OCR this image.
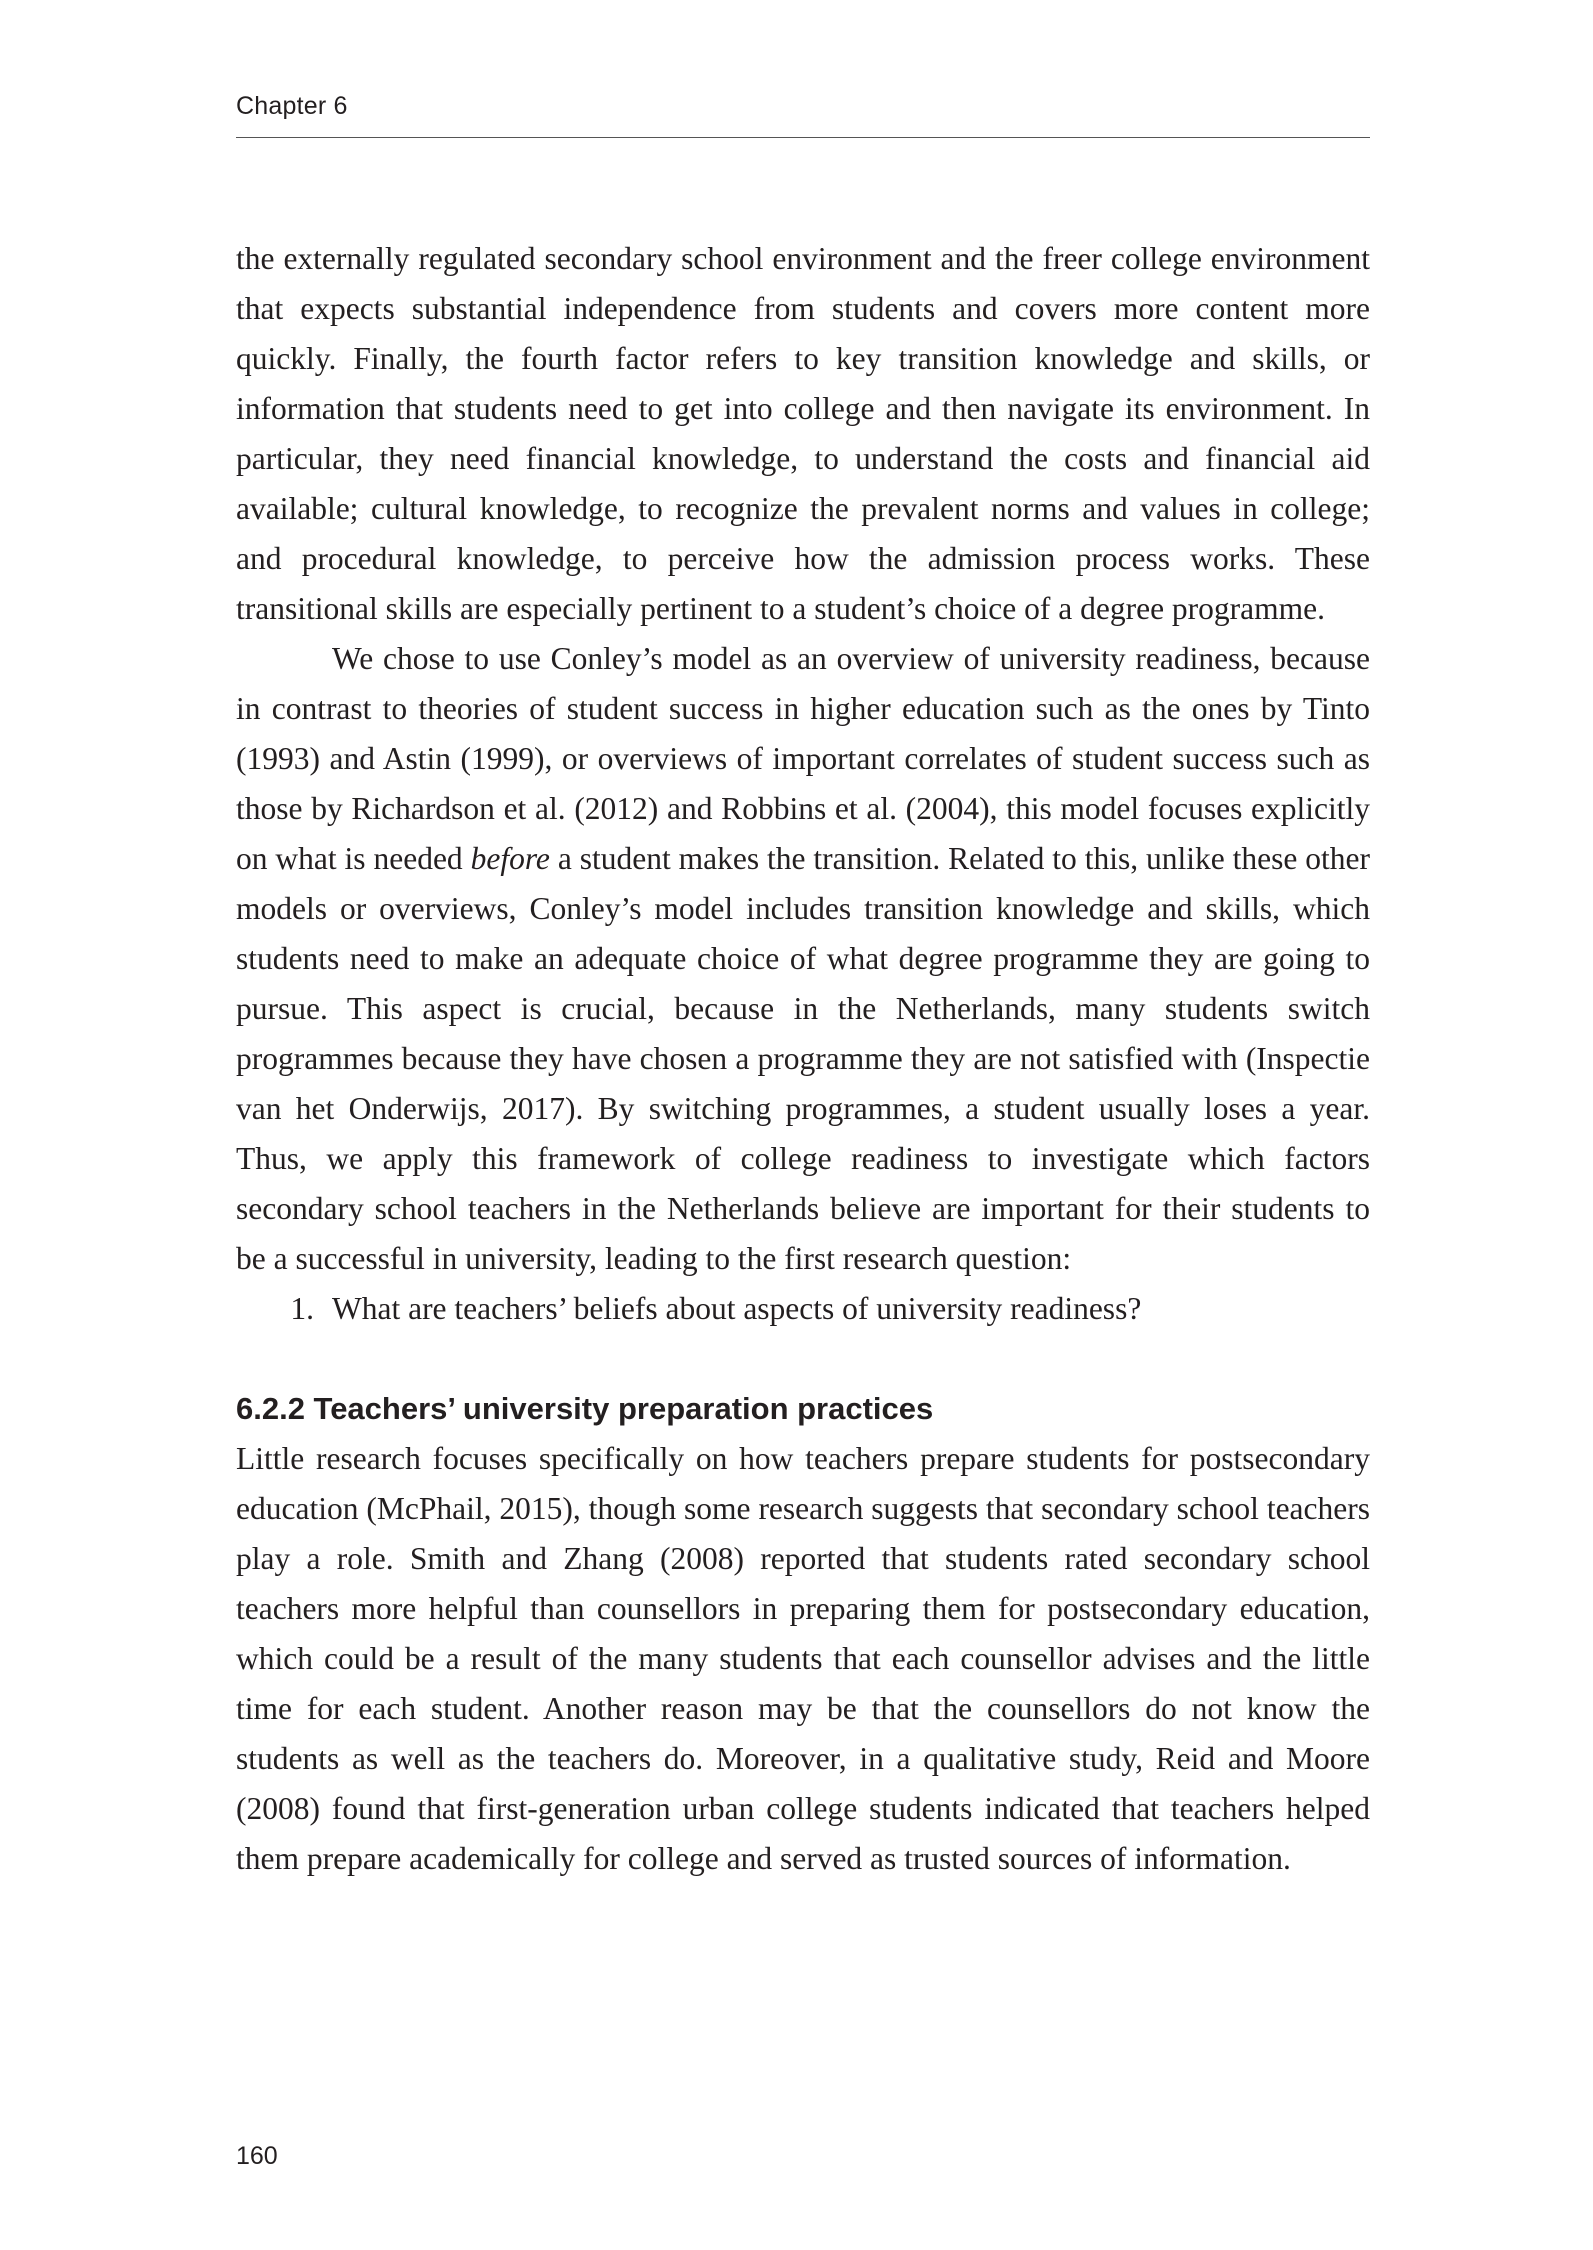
Chapter 6

the externally regulated secondary school environment and the freer college environment that expects substantial independence from students and covers more content more quickly. Finally, the fourth factor refers to key transition knowledge and skills, or information that students need to get into college and then navigate its environment. In particular, they need financial knowledge, to understand the costs and financial aid available; cultural knowledge, to recognize the prevalent norms and values in college; and procedural knowledge, to perceive how the admission process works. These transitional skills are especially pertinent to a student’s choice of a degree programme.

We chose to use Conley’s model as an overview of university readiness, because in contrast to theories of student success in higher education such as the ones by Tinto (1993) and Astin (1999), or overviews of important correlates of student success such as those by Richardson et al. (2012) and Robbins et al. (2004), this model focuses explicitly on what is needed before a student makes the transition. Related to this, unlike these other models or overviews, Conley’s model includes transition knowledge and skills, which students need to make an adequate choice of what degree programme they are going to pursue. This aspect is crucial, because in the Netherlands, many students switch programmes because they have chosen a programme they are not satisfied with (Inspectie van het Onderwijs, 2017). By switching programmes, a student usually loses a year. Thus, we apply this framework of college readiness to investigate which factors secondary school teachers in the Netherlands believe are important for their students to be a successful in university, leading to the first research question:

1. What are teachers’ beliefs about aspects of university readiness?
6.2.2 Teachers’ university preparation practices

Little research focuses specifically on how teachers prepare students for postsecondary education (McPhail, 2015), though some research suggests that secondary school teachers play a role. Smith and Zhang (2008) reported that students rated secondary school teachers more helpful than counsellors in preparing them for postsecondary education, which could be a result of the many students that each counsellor advises and the little time for each student. Another reason may be that the counsellors do not know the students as well as the teachers do. Moreover, in a qualitative study, Reid and Moore (2008) found that first-generation urban college students indicated that teachers helped them prepare academically for college and served as trusted sources of information.

160
